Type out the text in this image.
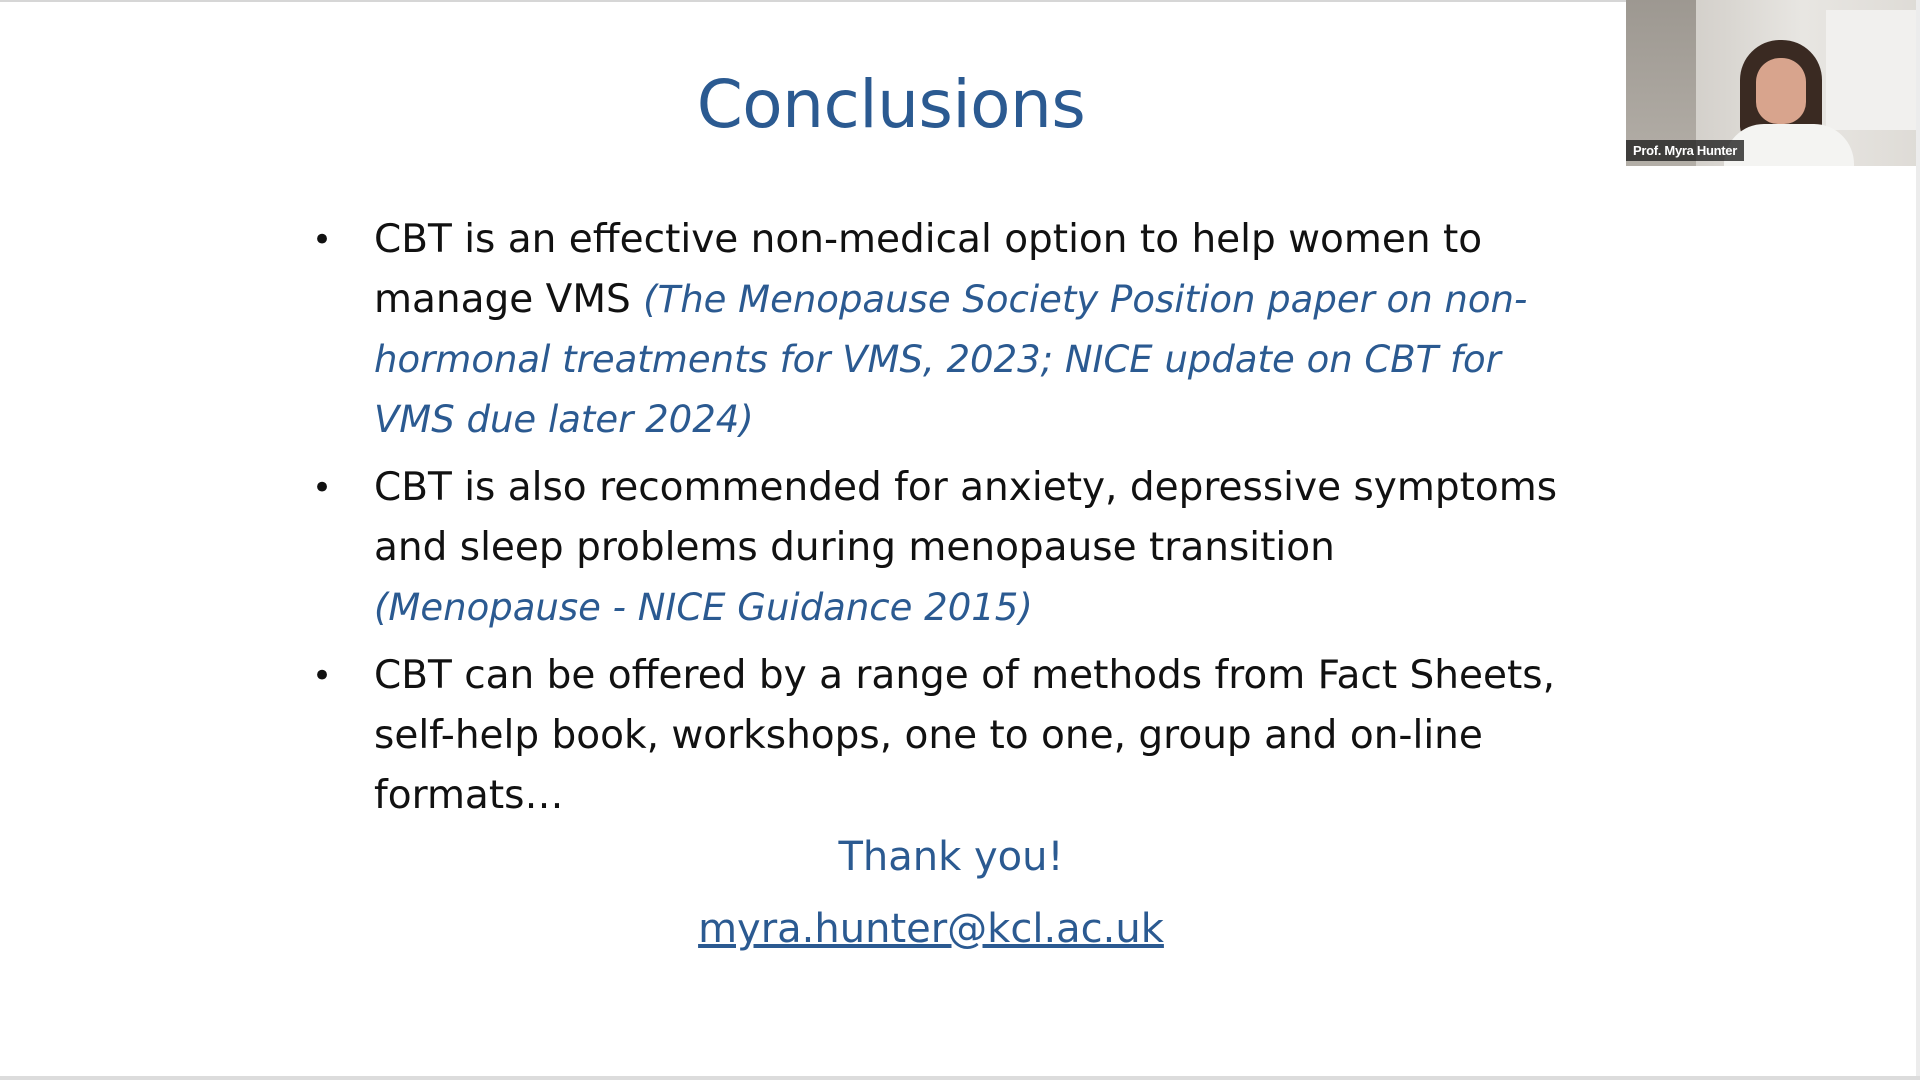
Conclusions
• CBT is an effective non-medical option to help women to manage VMS (The Menopause Society Position paper on non-hormonal treatments for VMS, 2023; NICE update on CBT for VMS due later 2024)
• CBT is also recommended for anxiety, depressive symptoms and sleep problems during menopause transition (Menopause - NICE Guidance 2015)
• CBT can be offered by a range of methods from Fact Sheets, self-help book, workshops, one to one, group and on-line formats…
Thank you!
myra.hunter@kcl.ac.uk
Prof. Myra Hunter
